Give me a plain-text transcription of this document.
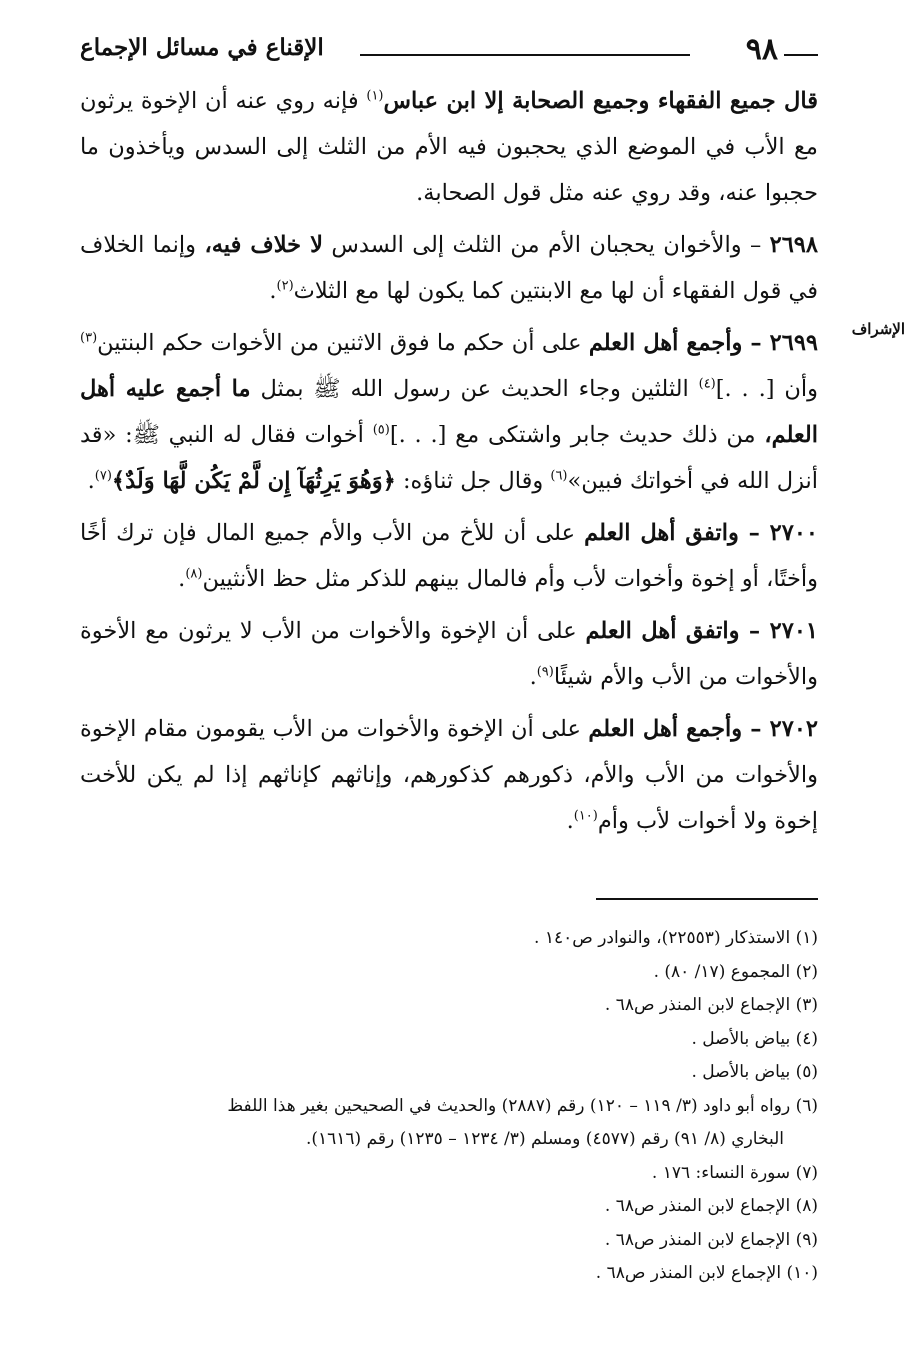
٩٨
الإقناع في مسائل الإجماع
الإشراف

قال جميع الفقهاء وجميع الصحابة إلا ابن عباس$^{(١)}$ فإنه روي عنه أن الإخوة يرثون مع الأب في الموضع الذي يحجبون فيه الأم من الثلث إلى السدس ويأخذون ما حجبوا عنه، وقد روي عنه مثل قول الصحابة.

٢٦٩٨ – والأخوان يحجبان الأم من الثلث إلى السدس لا خلاف فيه، وإنما الخلاف في قول الفقهاء أن لها مع الابنتين كما يكون لها مع الثلاث$^{(٢)}$.

٢٦٩٩ – وأجمع أهل العلم على أن حكم ما فوق الاثنين من الأخوات حكم البنتين$^{(٣)}$ وأن [. . .]$^{(٤)}$ الثلثين وجاء الحديث عن رسول الله ﷺ بمثل ما أجمع عليه أهل العلم، من ذلك حديث جابر واشتكى مع [. . .]$^{(٥)}$ أخوات فقال له النبي ﷺ: «قد أنزل الله في أخواتك فبين»$^{(٦)}$ وقال جل ثناؤه: ﴿وَهُوَ يَرِثُهَآ إِن لَّمْ يَكُن لَّهَا وَلَدٌ﴾$^{(٧)}$.

٢٧٠٠ – واتفق أهل العلم على أن للأخ من الأب والأم جميع المال فإن ترك أخًا وأختًا، أو إخوة وأخوات لأب وأم فالمال بينهم للذكر مثل حظ الأنثيين$^{(٨)}$.

٢٧٠١ – واتفق أهل العلم على أن الإخوة والأخوات من الأب لا يرثون مع الأخوة والأخوات من الأب والأم شيئًا$^{(٩)}$.

٢٧٠٢ – وأجمع أهل العلم على أن الإخوة والأخوات من الأب يقومون مقام الإخوة والأخوات من الأب والأم، ذكورهم كذكورهم، وإناثهم كإناثهم إذا لم يكن للأخت إخوة ولا أخوات لأب وأم$^{(١٠)}$.

(١) الاستذكار (٢٢٥٥٣)، والنوادر ص١٤٠ .
(٢) المجموع (١٧/ ٨٠) .
(٣) الإجماع لابن المنذر ص٦٨ .
(٤) بياض بالأصل .
(٥) بياض بالأصل .
(٦) رواه أبو داود (٣/ ١١٩ – ١٢٠) رقم (٢٨٨٧) والحديث في الصحيحين بغير هذا اللفظ
البخاري (٨/ ٩١) رقم (٤٥٧٧) ومسلم (٣/ ١٢٣٤ – ١٢٣٥) رقم (١٦١٦).
(٧) سورة النساء: ١٧٦ .
(٨) الإجماع لابن المنذر ص٦٨ .
(٩) الإجماع لابن المنذر ص٦٨ .
(١٠) الإجماع لابن المنذر ص٦٨ .
